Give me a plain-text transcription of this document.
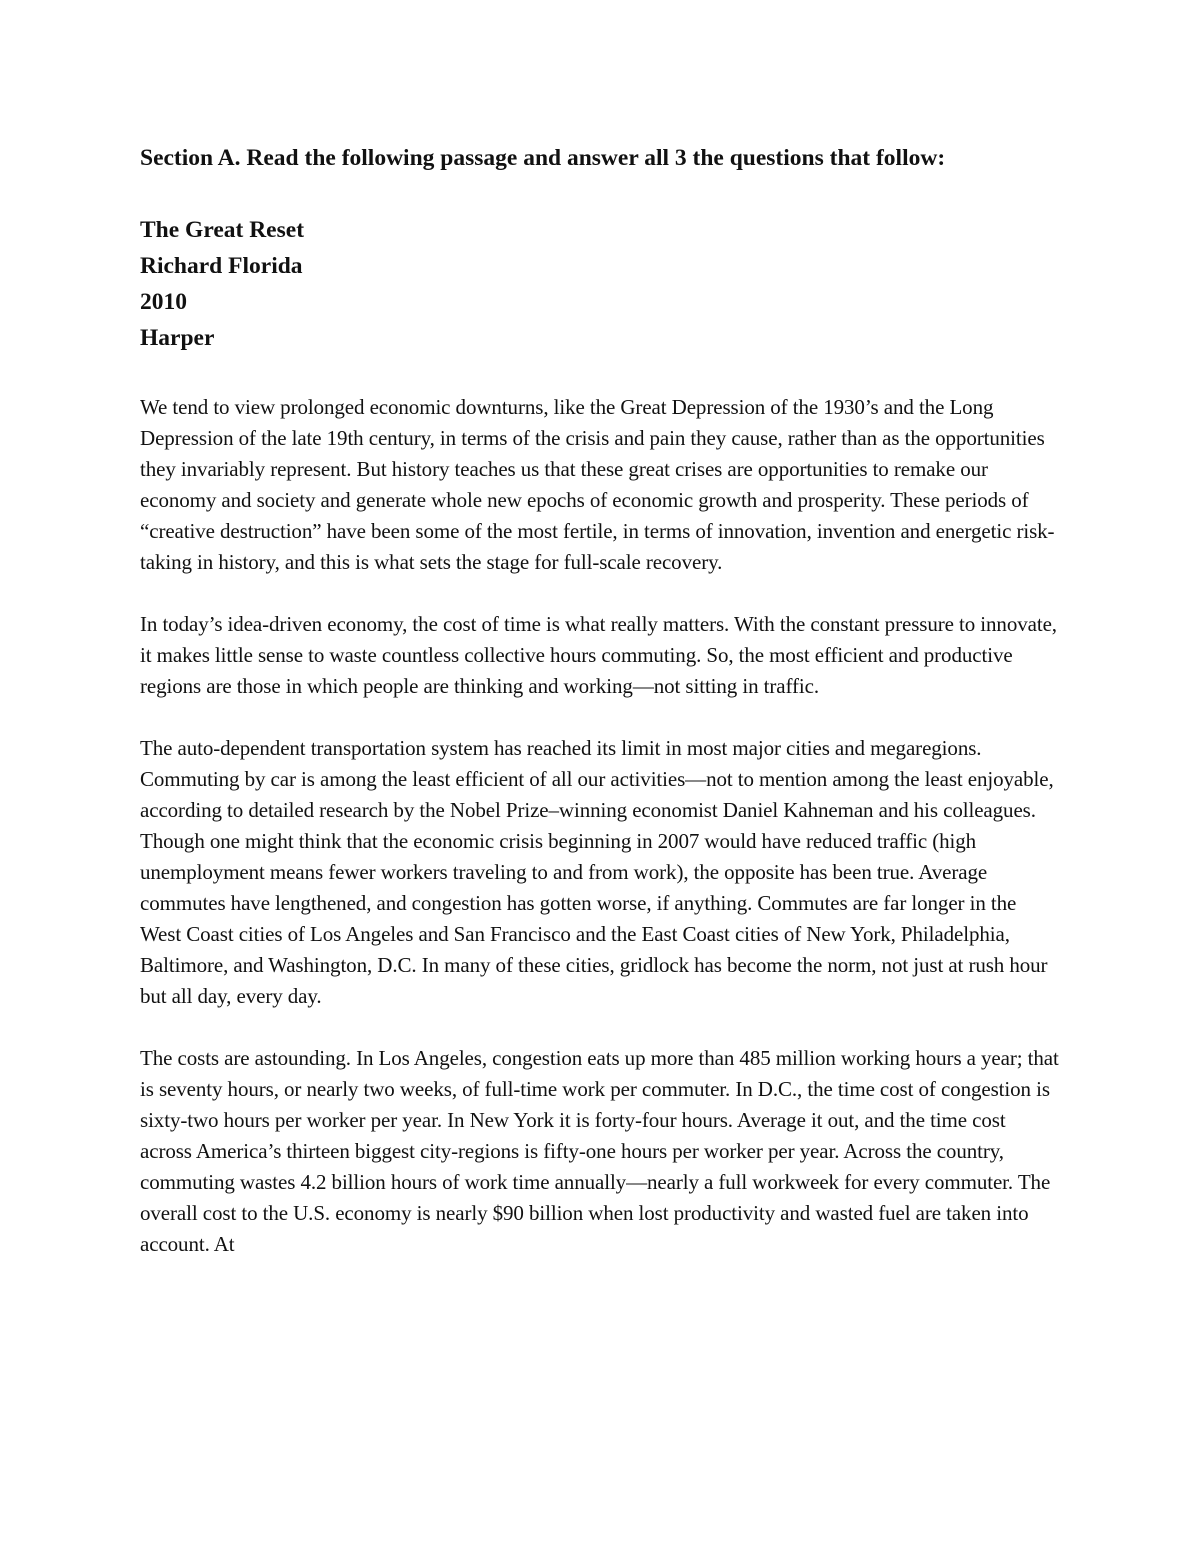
Section A. Read the following passage and answer all 3 the questions that follow:

The Great Reset
Richard Florida
2010
Harper

We tend to view prolonged economic downturns, like the Great Depression of the 1930’s and the Long Depression of the late 19th century, in terms of the crisis and pain they cause, rather than as the opportunities they invariably represent. But history teaches us that these great crises are opportunities to remake our economy and society and generate whole new epochs of economic growth and prosperity. These periods of “creative destruction” have been some of the most fertile, in terms of innovation, invention and energetic risk-taking in history, and this is what sets the stage for full-scale recovery.

In today’s idea-driven economy, the cost of time is what really matters. With the constant pressure to innovate, it makes little sense to waste countless collective hours commuting. So, the most efficient and productive regions are those in which people are thinking and working—not sitting in traffic.

The auto-dependent transportation system has reached its limit in most major cities and megaregions. Commuting by car is among the least efficient of all our activities—not to mention among the least enjoyable, according to detailed research by the Nobel Prize–winning economist Daniel Kahneman and his colleagues. Though one might think that the economic crisis beginning in 2007 would have reduced traffic (high unemployment means fewer workers traveling to and from work), the opposite has been true. Average commutes have lengthened, and congestion has gotten worse, if anything. Commutes are far longer in the West Coast cities of Los Angeles and San Francisco and the East Coast cities of New York, Philadelphia, Baltimore, and Washington, D.C. In many of these cities, gridlock has become the norm, not just at rush hour but all day, every day.

The costs are astounding. In Los Angeles, congestion eats up more than 485 million working hours a year; that is seventy hours, or nearly two weeks, of full-time work per commuter. In D.C., the time cost of congestion is sixty-two hours per worker per year. In New York it is forty-four hours. Average it out, and the time cost across America’s thirteen biggest city-regions is fifty-one hours per worker per year. Across the country, commuting wastes 4.2 billion hours of work time annually—nearly a full workweek for every commuter. The overall cost to the U.S. economy is nearly $90 billion when lost productivity and wasted fuel are taken into account. At
